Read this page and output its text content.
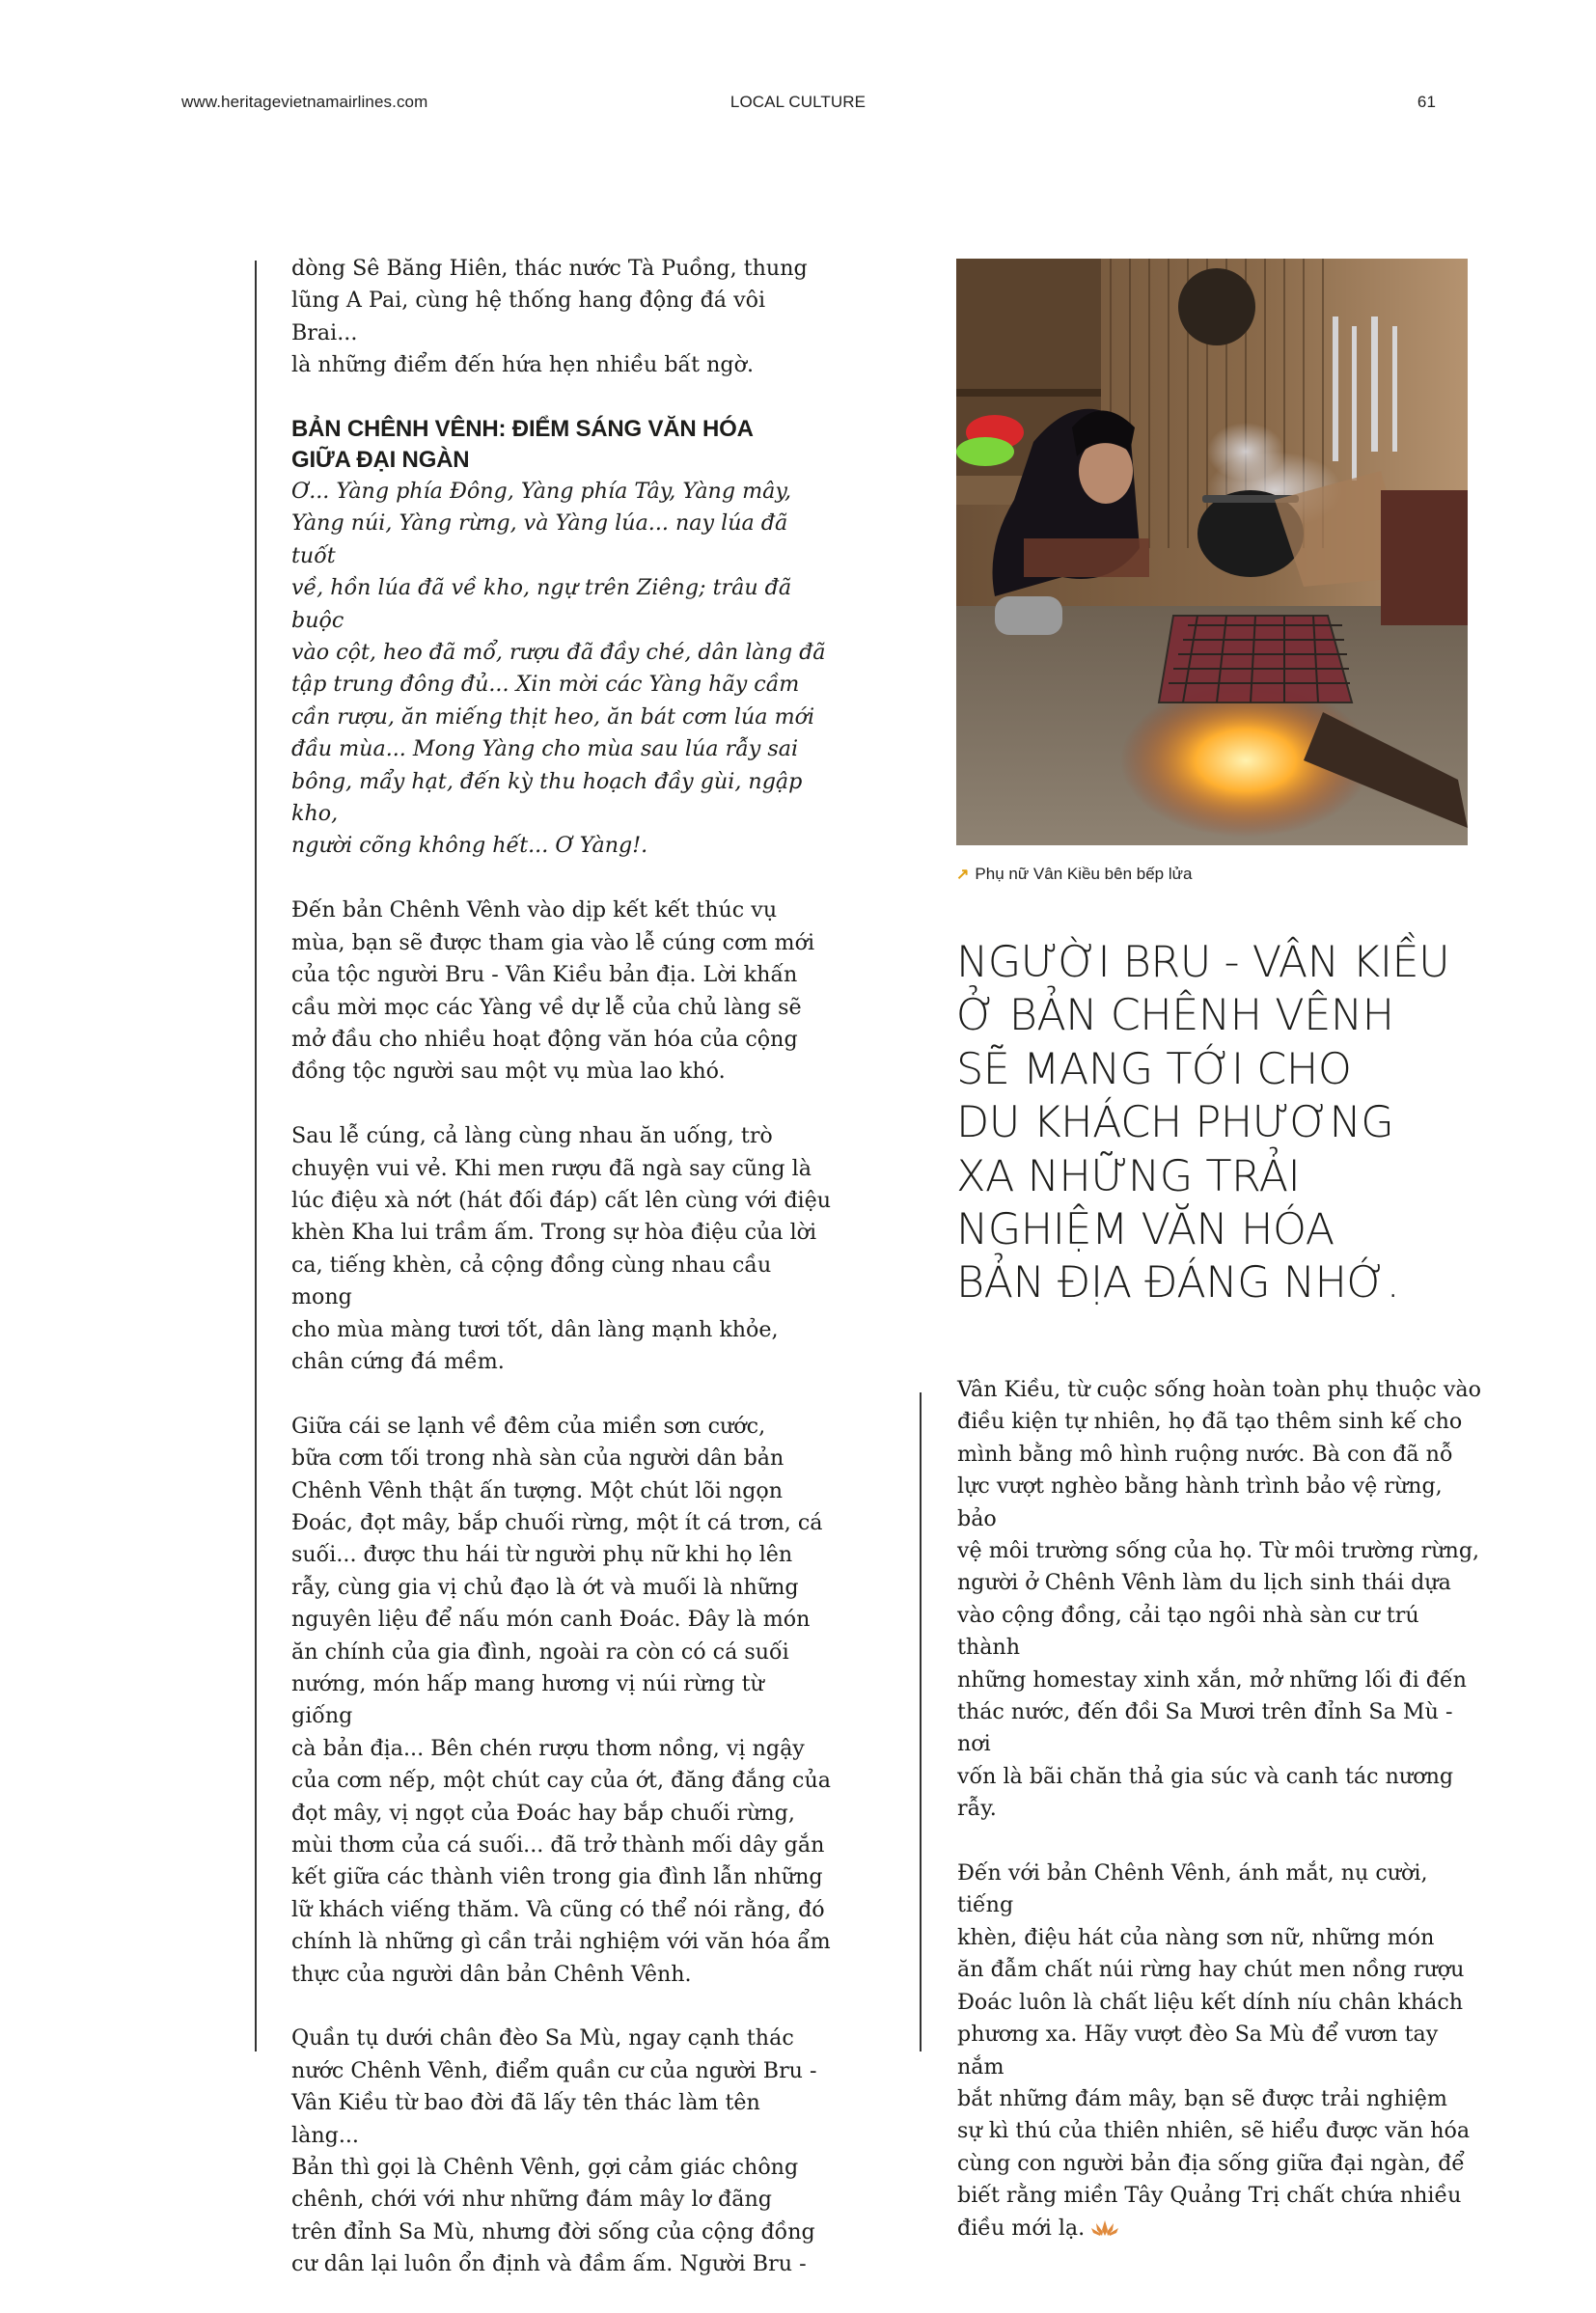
www.heritagevietnamairlines.com	LOCAL CULTURE	61

dòng Sê Băng Hiên, thác nước Tà Puồng, thung
lũng A Pai, cùng hệ thống hang động đá vôi Brai...
là những điểm đến hứa hẹn nhiều bất ngờ.

BẢN CHÊNH VÊNH: ĐIỂM SÁNG VĂN HÓA
GIỮA ĐẠI NGÀN

Ơ... Yàng phía Đông, Yàng phía Tây, Yàng mây,
Yàng núi, Yàng rừng, và Yàng lúa... nay lúa đã tuốt
về, hồn lúa đã về kho, ngự trên Ziêng; trâu đã buộc
vào cột, heo đã mổ, rượu đã đầy ché, dân làng đã
tập trung đông đủ... Xin mời các Yàng hãy cầm
cần rượu, ăn miếng thịt heo, ăn bát cơm lúa mới
đầu mùa... Mong Yàng cho mùa sau lúa rẫy sai
bông, mẩy hạt, đến kỳ thu hoạch đầy gùi, ngập kho,
người cõng không hết... Ơ Yàng!.

Đến bản Chênh Vênh vào dịp kết kết thúc vụ
mùa, bạn sẽ được tham gia vào lễ cúng cơm mới
của tộc người Bru - Vân Kiều bản địa. Lời khấn
cầu mời mọc các Yàng về dự lễ của chủ làng sẽ
mở đầu cho nhiều hoạt động văn hóa của cộng
đồng tộc người sau một vụ mùa lao khó.

Sau lễ cúng, cả làng cùng nhau ăn uống, trò
chuyện vui vẻ. Khi men rượu đã ngà say cũng là
lúc điệu xà nớt (hát đối đáp) cất lên cùng với điệu
khèn Kha lui trầm ấm. Trong sự hòa điệu của lời
ca, tiếng khèn, cả cộng đồng cùng nhau cầu mong
cho mùa màng tươi tốt, dân làng mạnh khỏe,
chân cứng đá mềm.

Giữa cái se lạnh về đêm của miền sơn cước,
bữa cơm tối trong nhà sàn của người dân bản
Chênh Vênh thật ấn tượng. Một chút lõi ngọn
Đoác, đọt mây, bắp chuối rừng, một ít cá trơn, cá
suối... được thu hái từ người phụ nữ khi họ lên
rẫy, cùng gia vị chủ đạo là ớt và muối là những
nguyên liệu để nấu món canh Đoác. Đây là món
ăn chính của gia đình, ngoài ra còn có cá suối
nướng, món hấp mang hương vị núi rừng từ giống
cà bản địa... Bên chén rượu thơm nồng, vị ngậy
của cơm nếp, một chút cay của ớt, đăng đắng của
đọt mây, vị ngọt của Đoác hay bắp chuối rừng,
mùi thơm của cá suối... đã trở thành mối dây gắn
kết giữa các thành viên trong gia đình lẫn những
lữ khách viếng thăm. Và cũng có thể nói rằng, đó
chính là những gì cần trải nghiệm với văn hóa ẩm
thực của người dân bản Chênh Vênh.

Quần tụ dưới chân đèo Sa Mù, ngay cạnh thác
nước Chênh Vênh, điểm quần cư của người Bru -
Vân Kiều từ bao đời đã lấy tên thác làm tên làng...
Bản thì gọi là Chênh Vênh, gợi cảm giác chông
chênh, chới với như những đám mây lơ đãng
trên đỉnh Sa Mù, nhưng đời sống của cộng đồng
cư dân lại luôn ổn định và đầm ấm. Người Bru -

↗ Phụ nữ Vân Kiều bên bếp lửa
NGƯỜI BRU - VÂN KIỀU
Ở BẢN CHÊNH VÊNH
SẼ MANG TỚI CHO
DU KHÁCH PHƯƠNG
XA NHỮNG TRẢI
NGHIỆM VĂN HÓA
BẢN ĐỊA ĐÁNG NHỚ.

Vân Kiều, từ cuộc sống hoàn toàn phụ thuộc vào
điều kiện tự nhiên, họ đã tạo thêm sinh kế cho
mình bằng mô hình ruộng nước. Bà con đã nỗ
lực vượt nghèo bằng hành trình bảo vệ rừng, bảo
vệ môi trường sống của họ. Từ môi trường rừng,
người ở Chênh Vênh làm du lịch sinh thái dựa
vào cộng đồng, cải tạo ngôi nhà sàn cư trú thành
những homestay xinh xắn, mở những lối đi đến
thác nước, đến đồi Sa Mươi trên đỉnh Sa Mù - nơi
vốn là bãi chăn thả gia súc và canh tác nương rẫy.

Đến với bản Chênh Vênh, ánh mắt, nụ cười, tiếng
khèn, điệu hát của nàng sơn nữ, những món
ăn đẫm chất núi rừng hay chút men nồng rượu
Đoác luôn là chất liệu kết dính níu chân khách
phương xa. Hãy vượt đèo Sa Mù để vươn tay nắm
bắt những đám mây, bạn sẽ được trải nghiệm
sự kì thú của thiên nhiên, sẽ hiểu được văn hóa
cùng con người bản địa sống giữa đại ngàn, để
biết rằng miền Tây Quảng Trị chất chứa nhiều
điều mới lạ.
